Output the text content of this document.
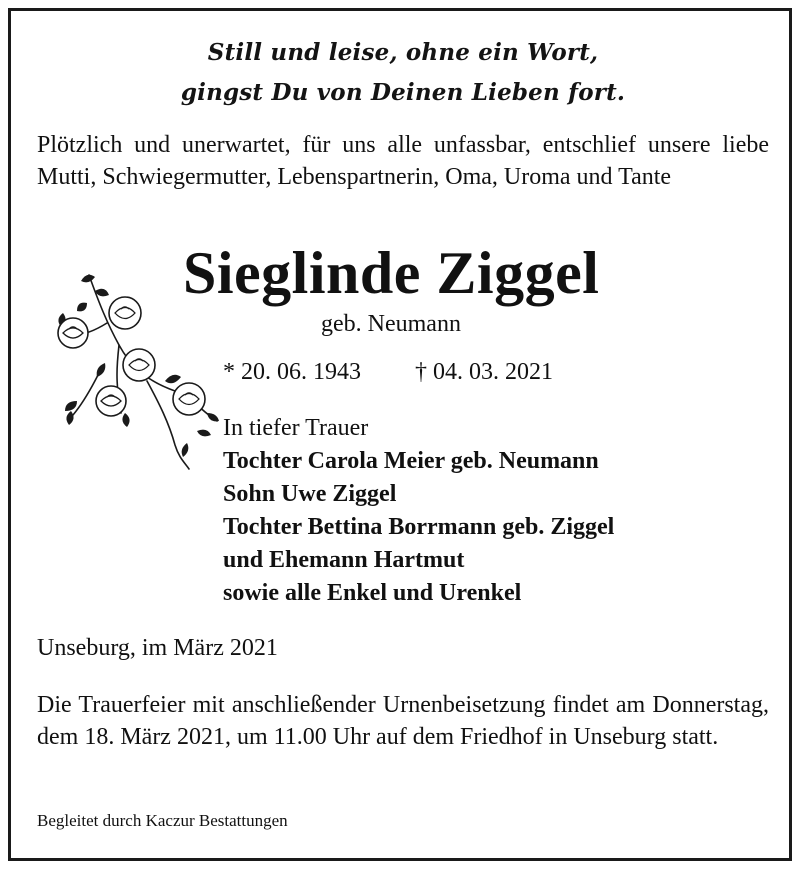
Still und leise, ohne ein Wort,
gingst Du von Deinen Lieben fort.
Plötzlich und unerwartet, für uns alle unfassbar, entschlief unsere liebe Mutti, Schwiegermutter, Lebenspartnerin, Oma, Uroma und Tante
Sieglinde Ziggel
geb. Neumann
* 20. 06. 1943 † 04. 03. 2021
In tiefer Trauer
Tochter Carola Meier geb. Neumann
Sohn Uwe Ziggel
Tochter Bettina Borrmann geb. Ziggel
und Ehemann Hartmut
sowie alle Enkel und Urenkel
Unseburg, im März 2021
Die Trauerfeier mit anschließender Urnenbeisetzung findet am Donnerstag, dem 18. März 2021, um 11.00 Uhr auf dem Friedhof in Unseburg statt.
Begleitet durch Kaczur Bestattungen
